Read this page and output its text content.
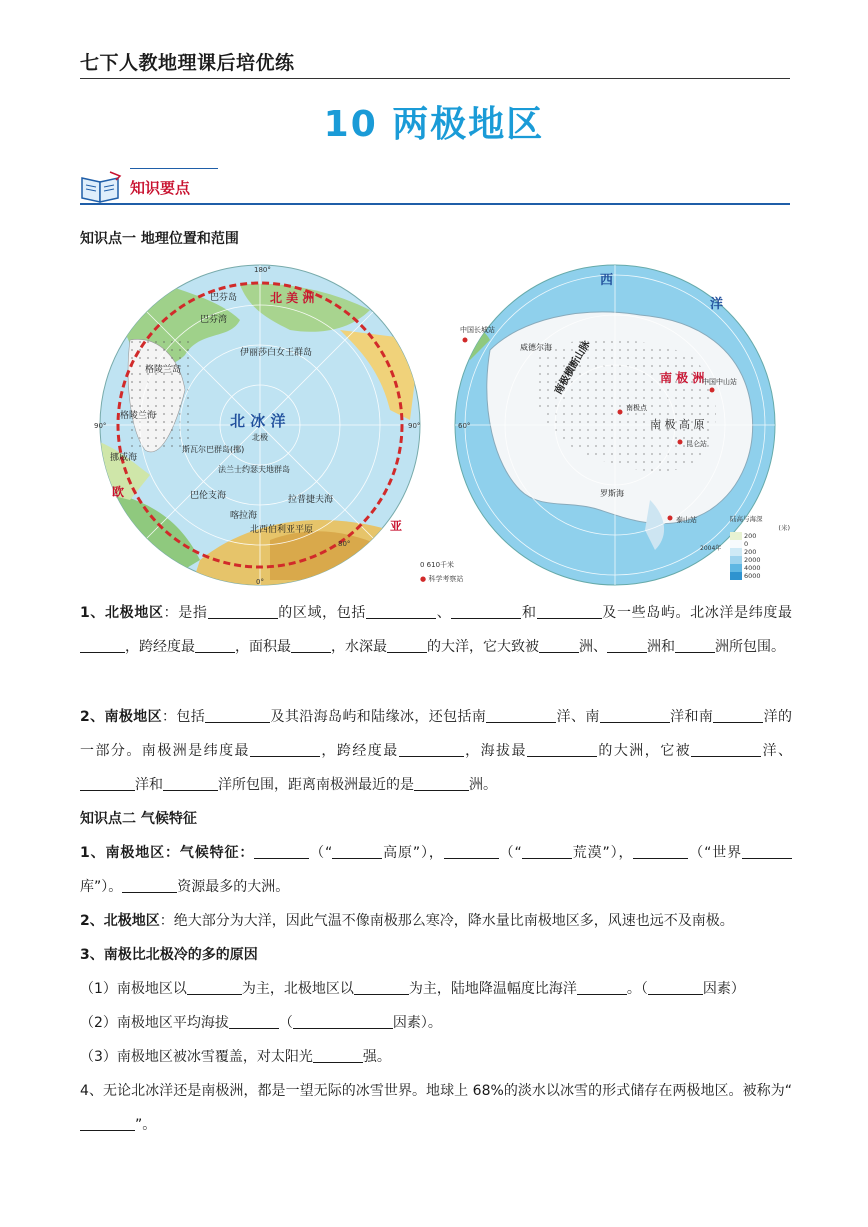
七下人教地理课后培优练
10 两极地区
知识要点
知识点一 地理位置和范围
北 美 洲
北 冰 洋
北极
巴芬岛
巴芬湾
伊丽莎白女王群岛
格陵兰岛
格陵兰海
挪威海
欧
斯瓦尔巴群岛(挪)
法兰士约瑟夫地群岛
拉普捷夫海
北西伯利亚平原
巴伦支海
喀拉海
亚
180°
0°
90°
90°
80°
0 610千米
● 科学考察站
西
洋
南 极 洲
南 极 高 原
南极点
中国长城站
中国中山站
昆仑站
泰山站
罗斯海
威德尔海 南极横断山脉
2004年
60°
陆高与海深
(米)
200
0
200
2000
4000
6000
1、北极地区：是指	的区域，包括	、	和	及一些岛屿。北冰洋是纬度最，跨经度最	，面积最	，水深最	的大洋，它大致被	洲、	洲和	洲所包围。
2、南极地区：包括	及其沿海岛屿和陆缘冰，还包括南	洋、南	洋和南	洋的一部分。南极洲是纬度最	，跨经度最	，海拔最	的大洲，它被	洋、洋和	洋所包围，距离南极洲最近的是	洲。
知识点二 气候特征
1、南极地区：气候特征：	（“	高原”），	（“	荒漠”），	（“世界库”）。	资源最多的大洲。
2、北极地区：绝大部分为大洋，因此气温不像南极那么寒冷，降水量比南极地区多，风速也远不及南极。
3、南极比北极冷的多的原因
（1）南极地区以	为主，北极地区以	为主，陆地降温幅度比海洋	。（	因素）
（2）南极地区平均海拔	（	因素）。
（3）南极地区被冰雪覆盖，对太阳光	强。
4、无论北冰洋还是南极洲，都是一望无际的冰雪世界。地球上 68%的淡水以冰雪的形式储存在两极地区。被称为“”。
